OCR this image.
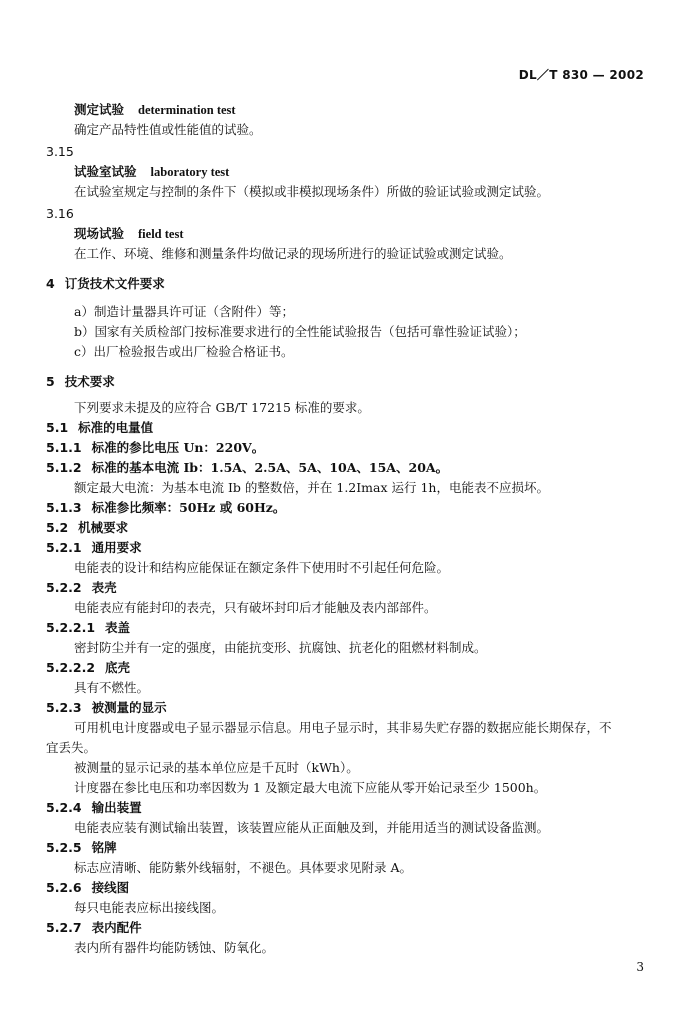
DL／T 830 — 2002
测定试验 determination test
确定产品特性值或性能值的试验。
3.15
试验室试验 laboratory test
在试验室规定与控制的条件下（模拟或非模拟现场条件）所做的验证试验或测定试验。
3.16
现场试验 field test
在工作、环境、维修和测量条件均做记录的现场所进行的验证试验或测定试验。
4 订货技术文件要求
a）制造计量器具许可证（含附件）等；
b）国家有关质检部门按标准要求进行的全性能试验报告（包括可靠性验证试验）；
c）出厂检验报告或出厂检验合格证书。
5 技术要求
下列要求未提及的应符合 GB/T 17215 标准的要求。
5.1 标准的电量值
5.1.1 标准的参比电压 Un：220V。
5.1.2 标准的基本电流 Ib：1.5A、2.5A、5A、10A、15A、20A。
额定最大电流：为基本电流 Ib 的整数倍，并在 1.2Imax 运行 1h，电能表不应损坏。
5.1.3 标准参比频率：50Hz 或 60Hz。
5.2 机械要求
5.2.1 通用要求
电能表的设计和结构应能保证在额定条件下使用时不引起任何危险。
5.2.2 表壳
电能表应有能封印的表壳，只有破坏封印后才能触及表内部部件。
5.2.2.1 表盖
密封防尘并有一定的强度，由能抗变形、抗腐蚀、抗老化的阻燃材料制成。
5.2.2.2 底壳
具有不燃性。
5.2.3 被测量的显示
可用机电计度器或电子显示器显示信息。用电子显示时，其非易失贮存器的数据应能长期保存，不
宜丢失。
被测量的显示记录的基本单位应是千瓦时（kWh）。
计度器在参比电压和功率因数为 1 及额定最大电流下应能从零开始记录至少 1500h。
5.2.4 输出装置
电能表应装有测试输出装置，该装置应能从正面触及到，并能用适当的测试设备监测。
5.2.5 铭牌
标志应清晰、能防紫外线辐射，不褪色。具体要求见附录 A。
5.2.6 接线图
每只电能表应标出接线图。
5.2.7 表内配件
表内所有器件均能防锈蚀、防氧化。
3
